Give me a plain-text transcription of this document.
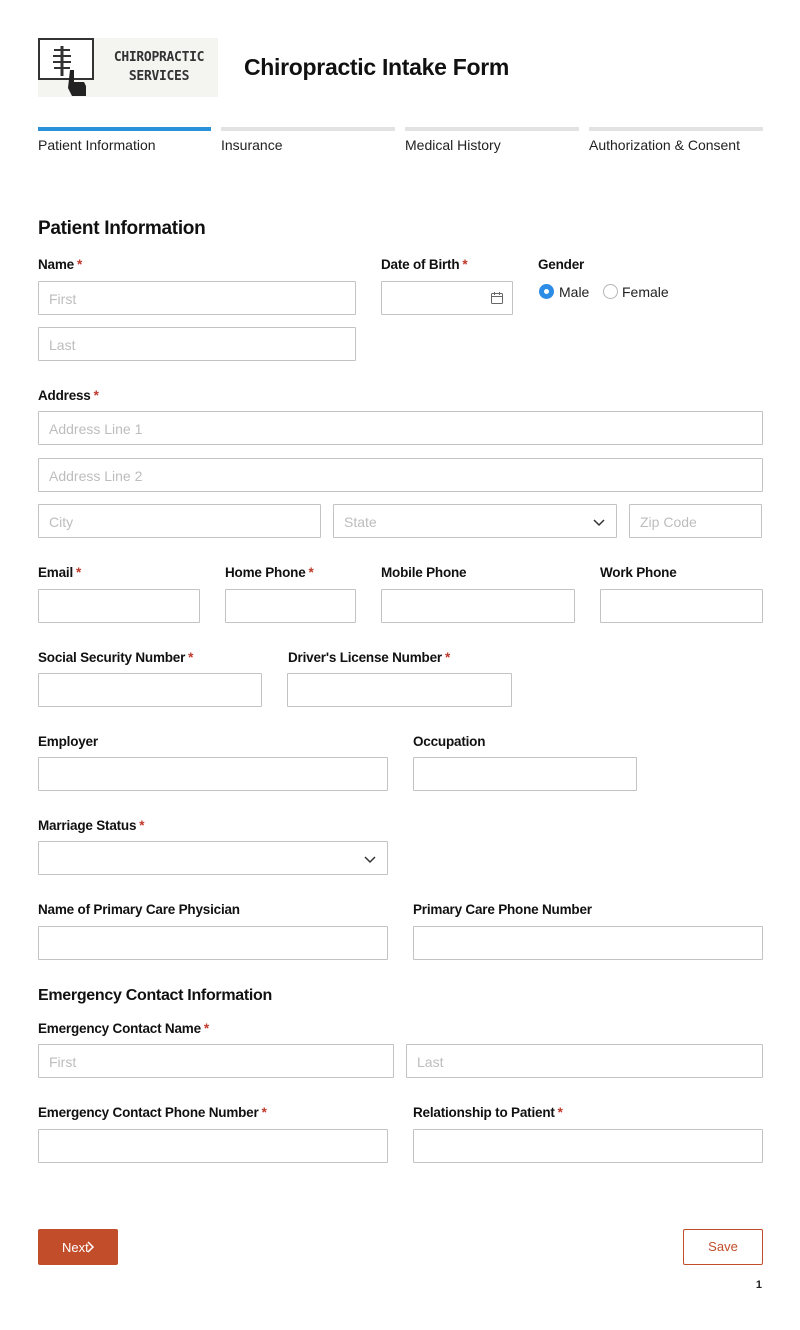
CHIROPRACTIC
SERVICES	Chiropractic Intake Form
Patient Information	Insurance	Medical History	Authorization & Consent
Patient Information
Name *
First
Last
Date of Birth *	Gender
Male Female
Address *
Address Line 1
Address Line 2
City	State	Zip Code
Email *	Home Phone *	Mobile Phone	Work Phone
Social Security Number *	Driver's License Number *
Employer	Occupation
Marriage Status *
Name of Primary Care Physician	Primary Care Phone Number
Emergency Contact Information
Emergency Contact Name *
First	Last
Emergency Contact Phone Number *	Relationship to Patient *
Next	Save
1
